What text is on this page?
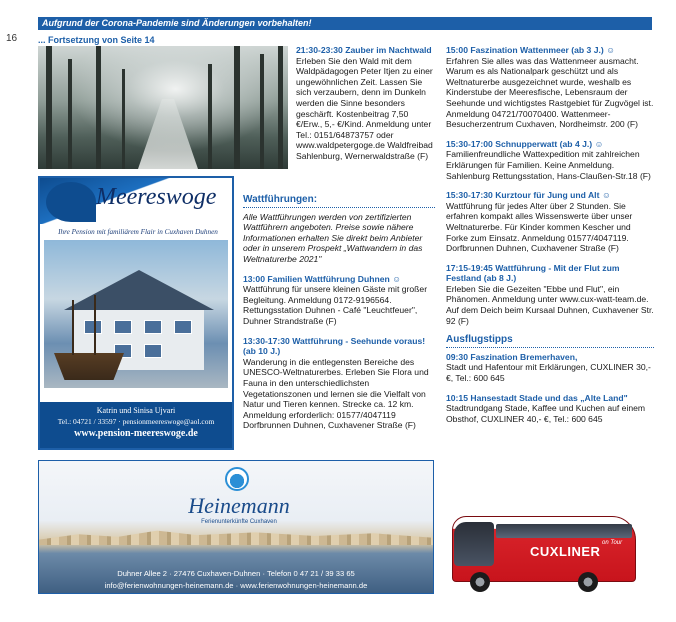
Aufgrund der Corona-Pandemie sind Änderungen vorbehalten!
16 ... Fortsetzung von Seite 14

21:30-23:30 Zauber im Nachtwald
Erleben Sie den Wald mit dem Waldpädagogen Peter Itjen zu einer ungewöhnlichen Zeit. Lassen Sie sich verzaubern, denn im Dunkeln werden die Sinne besonders geschärft. Kostenbeitrag 7,50 €/Erw., 5,- €/Kind. Anmeldung unter Tel.: 0151/64873757 oder www.waldpetergoge.de Waldfreibad Sahlenburg, Wernerwaldstraße (F)

Meereswoge
Ihre Pension mit familiärem Flair in Cuxhaven Duhnen
Katrin und Sinisa Ujvari
Tel.: 04721 / 33597 · pensionmeereswoge@aol.com
www.pension-meereswoge.de
Wattführungen:

Alle Wattführungen werden von zertifizierten Wattführern angeboten. Preise sowie nähere Informationen erhalten Sie direkt beim Anbieter oder in unserem Prospekt „Wattwandern in das Weltnaturerbe 2021"

13:00 Familien Wattführung Duhnen ☺
Wattführung für unsere kleinen Gäste mit großer Begleitung. Anmeldung 0172-9196564. Rettungsstation Duhnen - Café "Leuchtfeuer", Duhner Strandstraße (F)

13:30-17:30 Wattführung - Seehunde voraus! (ab 10 J.)
Wanderung in die entlegensten Bereiche des UNESCO-Weltnaturerbes. Erleben Sie Flora und Fauna in den unterschiedlichsten Vegetationszonen und lernen sie die Vielfalt von Natur und Tieren kennen. Strecke ca. 12 km. Anmeldung erforderlich: 01577/4047119 Dorfbrunnen Duhnen, Cuxhavener Straße (F)

15:00 Faszination Wattenmeer (ab 3 J.) ☺
Erfahren Sie alles was das Wattenmeer ausmacht. Warum es als Nationalpark geschützt und als Weltnaturerbe ausgezeichnet wurde, weshalb es Kinderstube der Meeresfische, Lebensraum der Seehunde und wichtigstes Rastgebiet für Zugvögel ist. Anmeldung 04721/70070400. Wattenmeer-Besucherzentrum Cuxhaven, Nordheimstr. 200 (F)

15:30-17:00 Schnupperwatt (ab 4 J.) ☺
Familienfreundliche Wattexpedition mit zahlreichen Erklärungen für Familien. Keine Anmeldung. Sahlenburg Rettungsstation, Hans-Claußen-Str.18 (F)

15:30-17:30 Kurztour für Jung und Alt ☺
Wattführung für jedes Alter über 2 Stunden. Sie erfahren kompakt alles Wissenswerte über unser Weltnaturerbe. Für Kinder kommen Kescher und Forke zum Einsatz. Anmeldung 01577/4047119. Dorfbrunnen Duhnen, Cuxhavener Straße (F)

17:15-19:45 Wattführung - Mit der Flut zum Festland (ab 8 J.)
Erleben Sie die Gezeiten "Ebbe und Flut", ein Phänomen. Anmeldung unter www.cux-watt-team.de. Auf dem Deich beim Kursaal Duhnen, Cuxhavener Str. 92 (F)

Ausflugstipps

09:30 Faszination Bremerhaven,
Stadt und Hafentour mit Erklärungen, CUXLINER 30,- €, Tel.: 600 645

10:15 Hansestadt Stade und das „Alte Land"
Stadtrundgang Stade, Kaffee und Kuchen auf einem Obsthof, CUXLINER 40,- €, Tel.: 600 645

Heinemann
Ferienunterkünfte Cuxhaven
Duhner Allee 2 · 27476 Cuxhaven-Duhnen · Telefon 0 47 21 / 39 33 65
info@ferienwohnungen-heinemann.de · www.ferienwohnungen-heinemann.de
CUXLINER
on Tour
